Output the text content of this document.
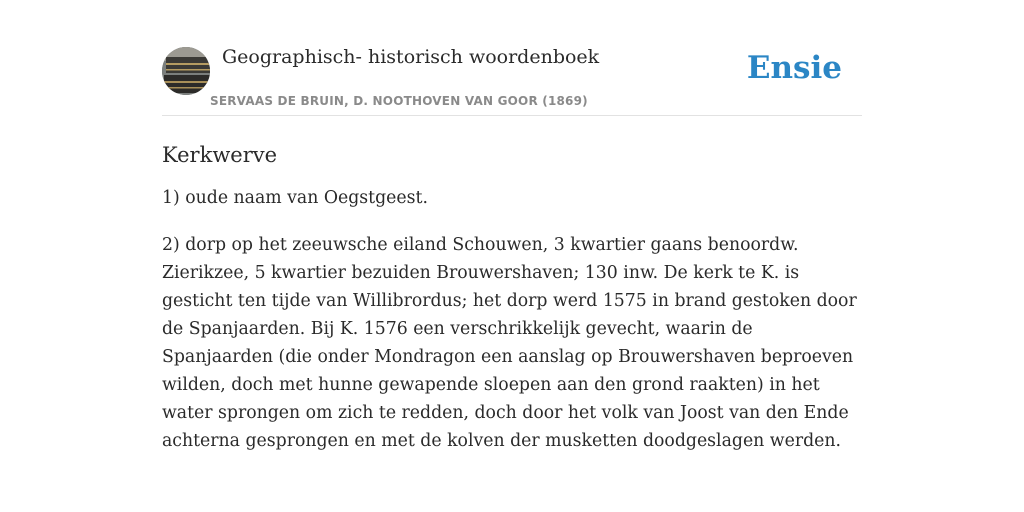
Geographisch- historisch woordenboek
SERVAAS DE BRUIN, D. NOOTHOVEN VAN GOOR (1869)
Ensie
Kerkwerve

1) oude naam van Oegstgeest.

2) dorp op het zeeuwsche eiland Schouwen, 3 kwartier gaans benoordw. Zierikzee, 5 kwartier bezuiden Brouwershaven; 130 inw. De kerk te K. is gesticht ten tijde van Willibrordus; het dorp werd 1575 in brand gestoken door de Spanjaarden. Bij K. 1576 een verschrikkelijk gevecht, waarin de Spanjaarden (die onder Mondragon een aanslag op Brouwershaven beproeven wilden, doch met hunne gewapende sloepen aan den grond raakten) in het water sprongen om zich te redden, doch door het volk van Joost van den Ende achterna gesprongen en met de kolven der musketten doodgeslagen werden.
